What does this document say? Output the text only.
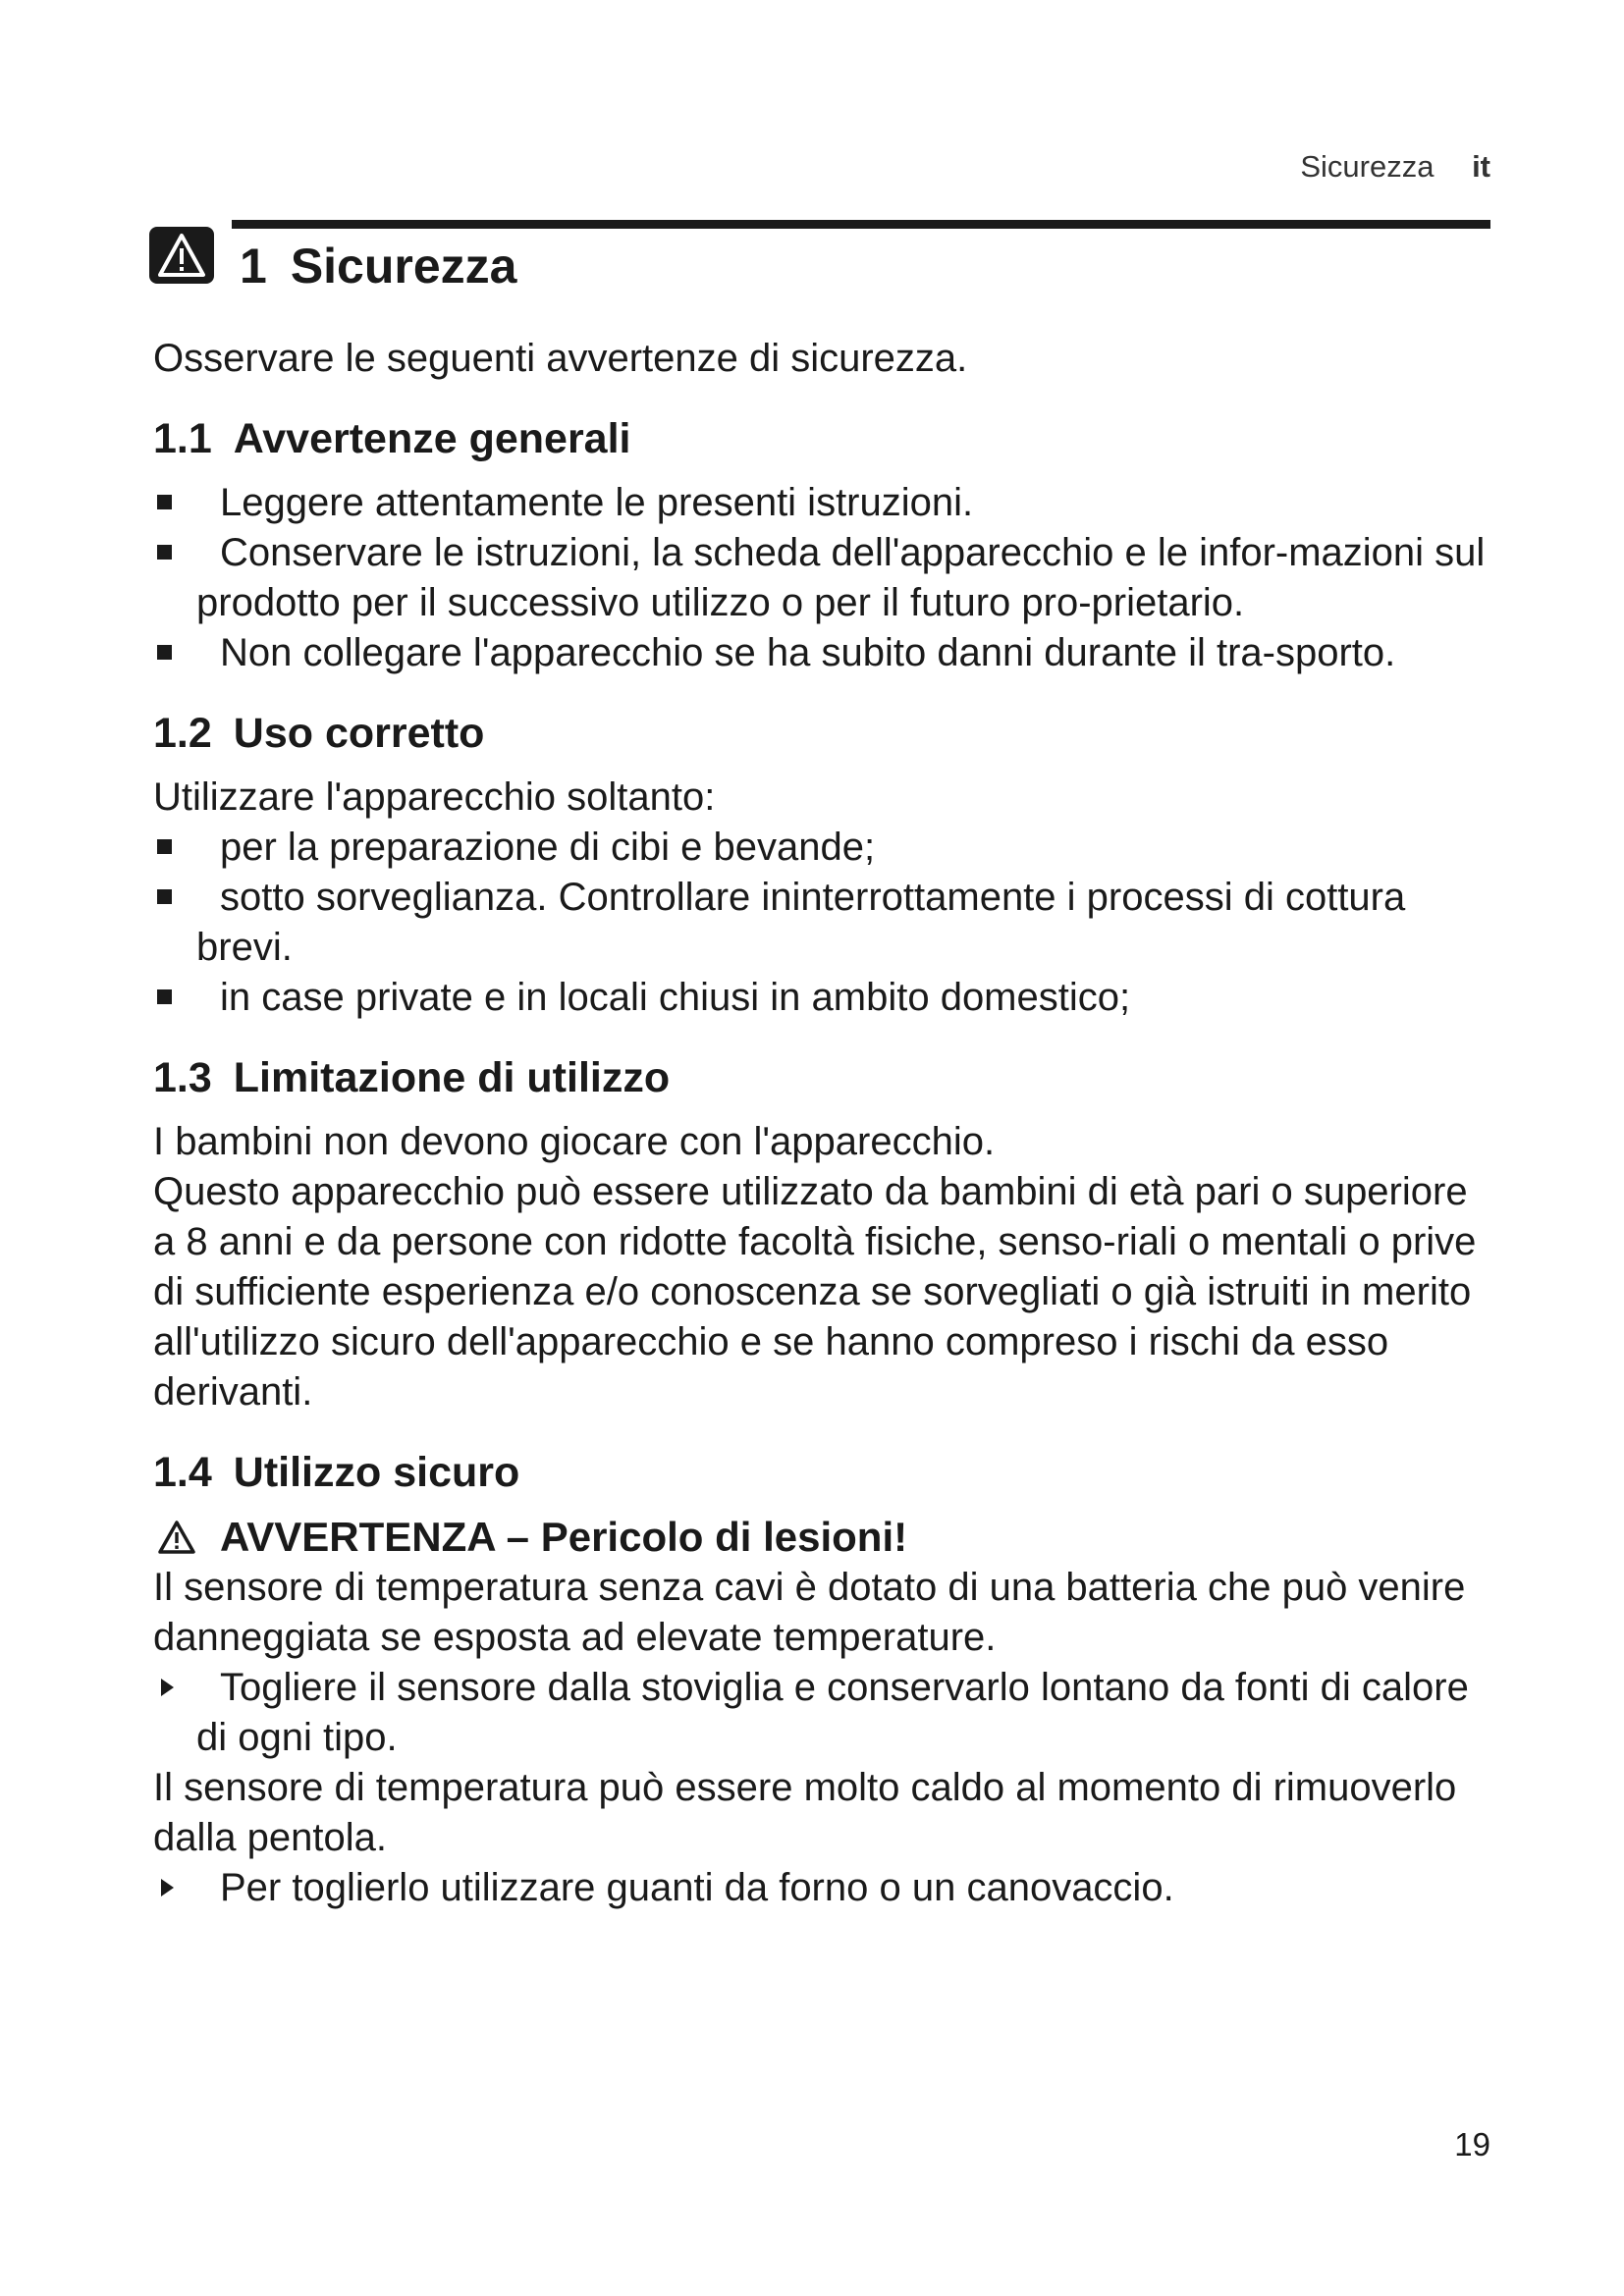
Sicurezza it
1 Sicurezza

Osservare le seguenti avvertenze di sicurezza.

1.1 Avvertenze generali
Leggere attentamente le presenti istruzioni.
Conservare le istruzioni, la scheda dell'apparecchio e le infor-mazioni sul prodotto per il successivo utilizzo o per il futuro pro-prietario.
Non collegare l'apparecchio se ha subito danni durante il tra-sporto.
1.2 Uso corretto

Utilizzare l'apparecchio soltanto:

per la preparazione di cibi e bevande;
sotto sorveglianza. Controllare ininterrottamente i processi di cottura brevi.
in case private e in locali chiusi in ambito domestico;
1.3 Limitazione di utilizzo

I bambini non devono giocare con l'apparecchio.

Questo apparecchio può essere utilizzato da bambini di età pari o superiore a 8 anni e da persone con ridotte facoltà fisiche, senso-riali o mentali o prive di sufficiente esperienza e/o conoscenza se sorvegliati o già istruiti in merito all'utilizzo sicuro dell'apparecchio e se hanno compreso i rischi da esso derivanti.

1.4 Utilizzo sicuro
AVVERTENZA – Pericolo di lesioni!

Il sensore di temperatura senza cavi è dotato di una batteria che può venire danneggiata se esposta ad elevate temperature.

Togliere il sensore dalla stoviglia e conservarlo lontano da fonti di calore di ogni tipo.

Il sensore di temperatura può essere molto caldo al momento di rimuoverlo dalla pentola.

Per toglierlo utilizzare guanti da forno o un canovaccio.
19
